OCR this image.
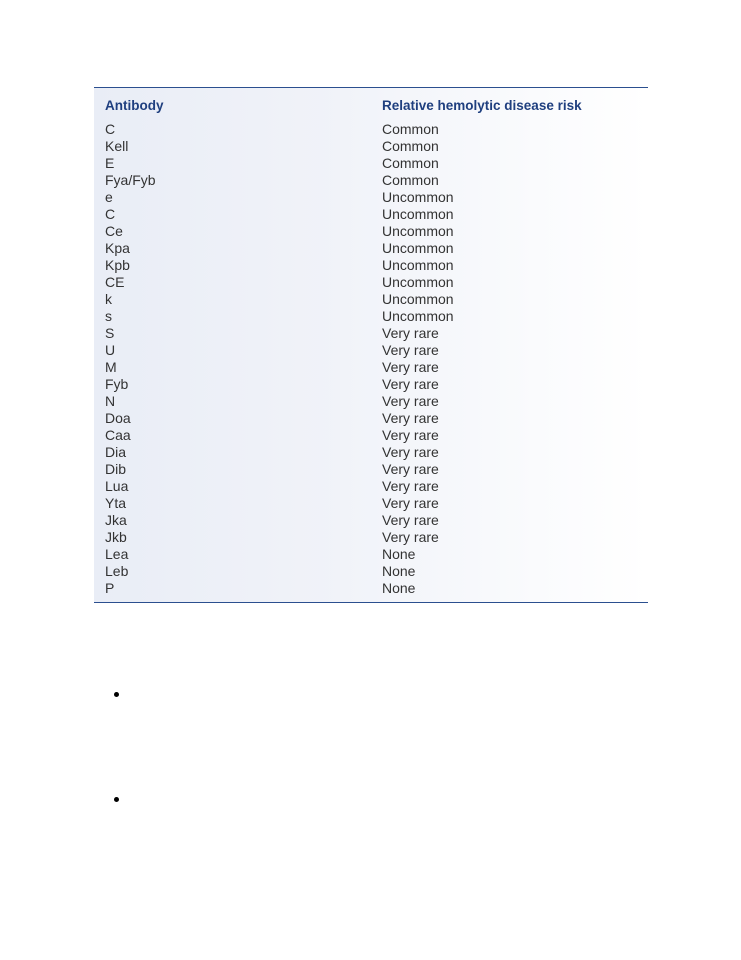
Antibody	Relative hemolytic disease risk
C	Common
Kell	Common
E	Common
Fya/Fyb	Common
e	Uncommon
C	Uncommon
Ce	Uncommon
Kpa	Uncommon
Kpb	Uncommon
CE	Uncommon
k	Uncommon
s	Uncommon
S	Very rare
U	Very rare
M	Very rare
Fyb	Very rare
N	Very rare
Doa	Very rare
Caa	Very rare
Dia	Very rare
Dib	Very rare
Lua	Very rare
Yta	Very rare
Jka	Very rare
Jkb	Very rare
Lea	None
Leb	None
P	None
